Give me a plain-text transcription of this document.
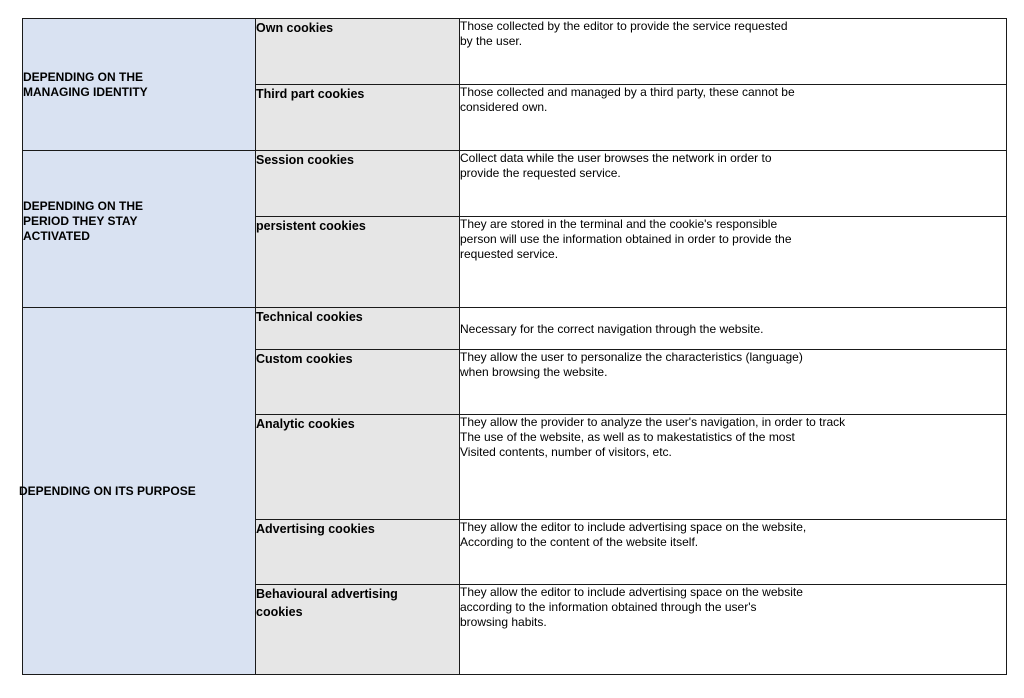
DEPENDING ON THE
MANAGING IDENTITY	Own cookies	Those collected by the editor to provide the service requested
by the user.
	Third part cookies	Those collected and managed by a third party, these cannot be
considered own.

DEPENDING ON THE
PERIOD THEY STAY
ACTIVATED	Session cookies	Collect data while the user browses the network in order to
provide the requested service.
	persistent cookies	They are stored in the terminal and the cookie's responsible
person will use the information obtained in order to provide the
requested service.

DEPENDING ON ITS PURPOSE	Technical cookies	Necessary for the correct navigation through the website.
	Custom cookies	They allow the user to personalize the characteristics (language)
when browsing the website.
	Analytic cookies	They allow the provider to analyze the user's navigation, in order to track
The use of the website, as well as to makestatistics of the most
Visited contents, number of visitors, etc.
	Advertising cookies	They allow the editor to include advertising space on the website,
According to the content of the website itself.

	Behavioural advertising
cookies	They allow the editor to include advertising space on the website
according to the information obtained through the user's
browsing habits.
